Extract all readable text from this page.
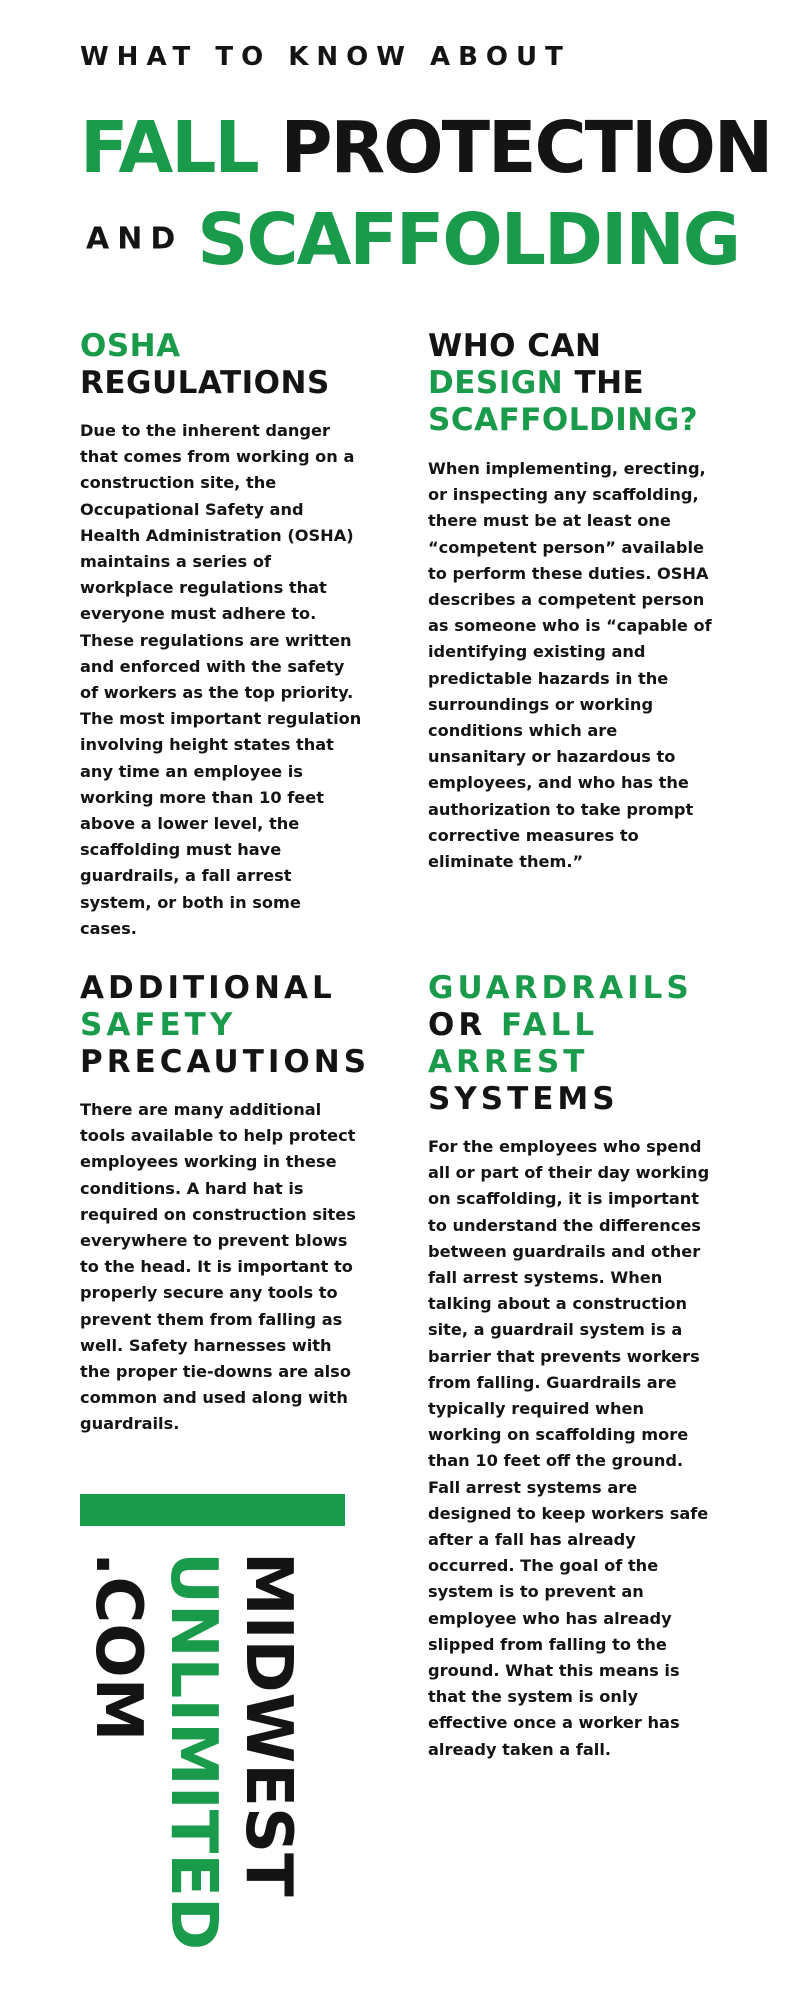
WHAT TO KNOW ABOUT
FALL PROTECTION
AND SCAFFOLDING
OSHA
REGULATIONS
Due to the inherent danger that comes from working on a construction site, the Occupational Safety and Health Administration (OSHA) maintains a series of workplace regulations that everyone must adhere to. These regulations are written and enforced with the safety of workers as the top priority. The most important regulation involving height states that any time an employee is working more than 10 feet above a lower level, the scaffolding must have guardrails, a fall arrest system, or both in some cases.
WHO CAN
DESIGN THE
SCAFFOLDING?
When implementing, erecting, or inspecting any scaffolding, there must be at least one “competent person” available to perform these duties. OSHA describes a competent person as someone who is “capable of identifying existing and predictable hazards in the surroundings or working conditions which are unsanitary or hazardous to employees, and who has the authorization to take prompt corrective measures to eliminate them.”
ADDITIONAL
SAFETY
PRECAUTIONS
There are many additional tools available to help protect employees working in these conditions. A hard hat is required on construction sites everywhere to prevent blows to the head. It is important to properly secure any tools to prevent them from falling as well. Safety harnesses with the proper tie-downs are also common and used along with guardrails.
GUARDRAILS
OR FALL
ARREST
SYSTEMS
For the employees who spend all or part of their day working on scaffolding, it is important to understand the differences between guardrails and other fall arrest systems. When talking about a construction site, a guardrail system is a barrier that prevents workers from falling. Guardrails are typically required when working on scaffolding more than 10 feet off the ground. Fall arrest systems are designed to keep workers safe after a fall has already occurred. The goal of the system is to prevent an employee who has already slipped from falling to the ground. What this means is that the system is only effective once a worker has already taken a fall.
MIDWEST
UNLIMITED
.COM
